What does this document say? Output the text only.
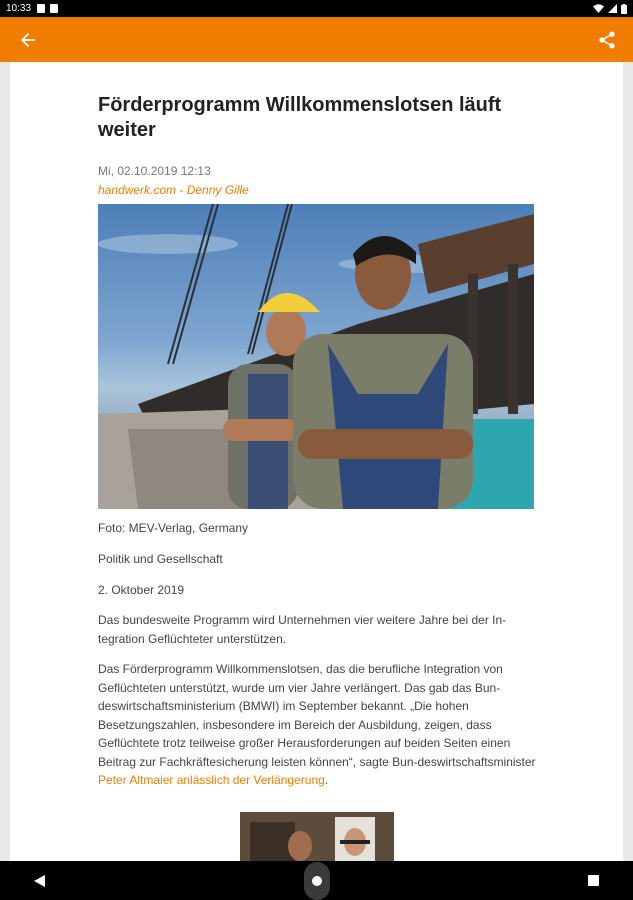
10:33
Förderprogramm Willkommenslotsen läuft weiter
Mi, 02.10.2019 12:13
handwerk.com - Denny Gille
Foto: MEV-Verlag, Germany
Politik und Gesellschaft
2. Oktober 2019

Das bundesweite Programm wird Unternehmen vier weitere Jahre bei der In-tegration Geflüchteter unterstützen.

Das Förderprogramm Willkommenslotsen, das die berufliche Integration von Geflüchteten unterstützt, wurde um vier Jahre verlängert. Das gab das Bun-deswirtschaftsministerium (BMWI) im September bekannt. „Die hohen Besetzungszahlen, insbesondere im Bereich der Ausbildung, zeigen, dass Geflüchtete trotz teilweise großer Herausforderungen auf beiden Seiten einen Beitrag zur Fachkräftesicherung leisten können“, sagte Bun-deswirtschaftsminister Peter Altmaier anlässlich der Verlängerung.
